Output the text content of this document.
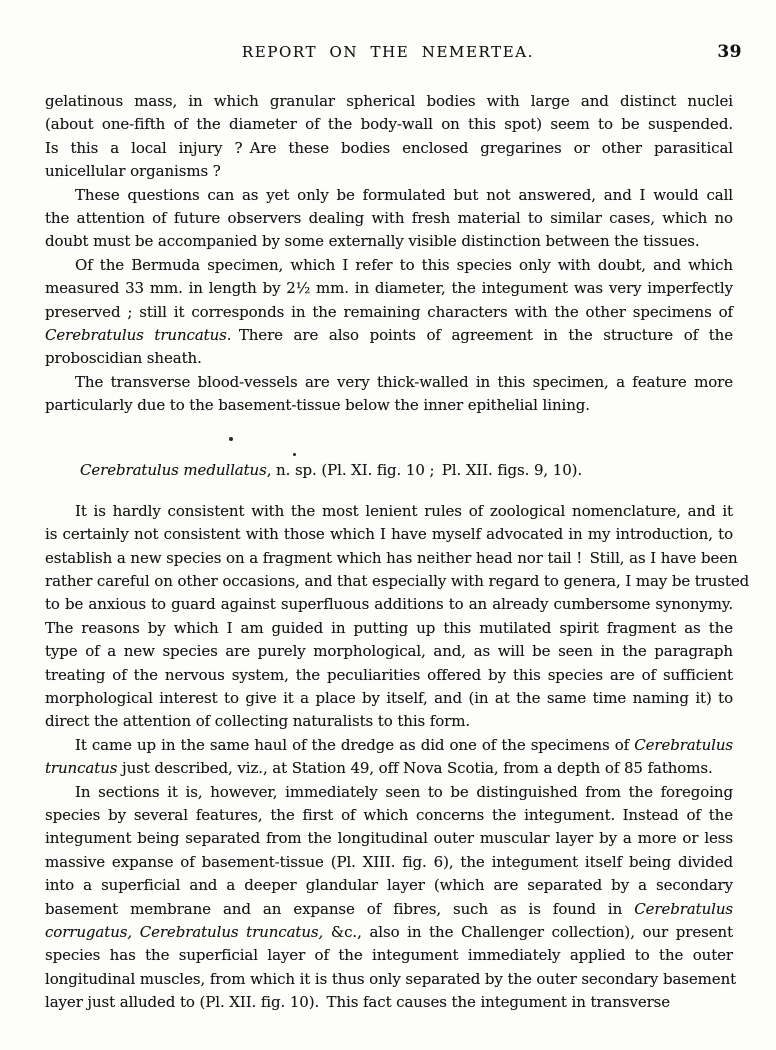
REPORT ON THE NEMERTEA.	39
gelatinous mass, in which granular spherical bodies with large and distinct nuclei
(about one-fifth of the diameter of the body-wall on this spot) seem to be suspended.
Is this a local injury ? Are these bodies enclosed gregarines or other parasitical
unicellular organisms ?
These questions can as yet only be formulated but not answered, and I would call
the attention of future observers dealing with fresh material to similar cases, which no
doubt must be accompanied by some externally visible distinction between the tissues.
Of the Bermuda specimen, which I refer to this species only with doubt, and which
measured 33 mm. in length by 2½ mm. in diameter, the integument was very imperfectly
preserved ; still it corresponds in the remaining characters with the other specimens of
Cerebratulus truncatus. There are also points of agreement in the structure of the
proboscidian sheath.
The transverse blood-vessels are very thick-walled in this specimen, a feature more
particularly due to the basement-tissue below the inner epithelial lining.
Cerebratulus medullatus, n. sp. (Pl. XI. fig. 10 ; Pl. XII. figs. 9, 10).
It is hardly consistent with the most lenient rules of zoological nomenclature, and it
is certainly not consistent with those which I have myself advocated in my introduction, to
establish a new species on a fragment which has neither head nor tail ! Still, as I have been
rather careful on other occasions, and that especially with regard to genera, I may be trusted
to be anxious to guard against superfluous additions to an already cumbersome synonymy.
The reasons by which I am guided in putting up this mutilated spirit fragment as the
type of a new species are purely morphological, and, as will be seen in the paragraph
treating of the nervous system, the peculiarities offered by this species are of sufficient
morphological interest to give it a place by itself, and (in at the same time naming it) to
direct the attention of collecting naturalists to this form.
It came up in the same haul of the dredge as did one of the specimens of Cerebratulus
truncatus just described, viz., at Station 49, off Nova Scotia, from a depth of 85 fathoms.
In sections it is, however, immediately seen to be distinguished from the foregoing
species by several features, the first of which concerns the integument. Instead of the
integument being separated from the longitudinal outer muscular layer by a more or less
massive expanse of basement-tissue (Pl. XIII. fig. 6), the integument itself being divided
into a superficial and a deeper glandular layer (which are separated by a secondary
basement membrane and an expanse of fibres, such as is found in Cerebratulus
corrugatus, Cerebratulus truncatus, &c., also in the Challenger collection), our present
species has the superficial layer of the integument immediately applied to the outer
longitudinal muscles, from which it is thus only separated by the outer secondary basement
layer just alluded to (Pl. XII. fig. 10). This fact causes the integument in transverse
